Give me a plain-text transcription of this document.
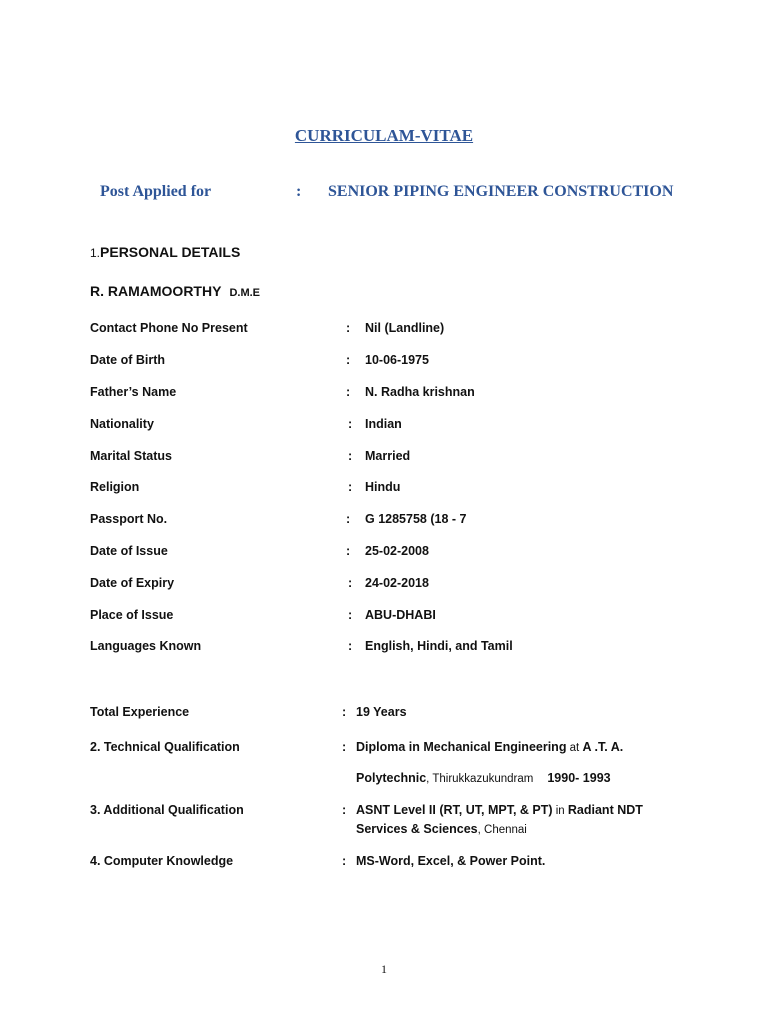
CURRICULAM-VITAE
Post Applied for	: SENIOR PIPING ENGINEER CONSTRUCTION
1.PERSONAL DETAILS
R. RAMAMOORTHY D.M.E
Contact Phone No Present	: Nil (Landline)
Date of Birth	: 10-06-1975
Father’s Name	: N. Radha krishnan
Nationality	: Indian
Marital Status	: Married
Religion	: Hindu
Passport No.	: G 1285758 (18 - 7
Date of Issue	: 25-02-2008
Date of Expiry	: 24-02-2018
Place of Issue	: ABU-DHABI
Languages Known	: English, Hindi, and Tamil
Total Experience	: 19 Years
2. Technical Qualification	: Diploma in Mechanical Engineering at A .T. A.
Polytechnic, Thirukkazukundram 1990- 1993
3. Additional Qualification	: ASNT Level II (RT, UT, MPT, & PT) in Radiant NDT
Services & Sciences, Chennai
4. Computer Knowledge	: MS-Word, Excel, & Power Point.
1
